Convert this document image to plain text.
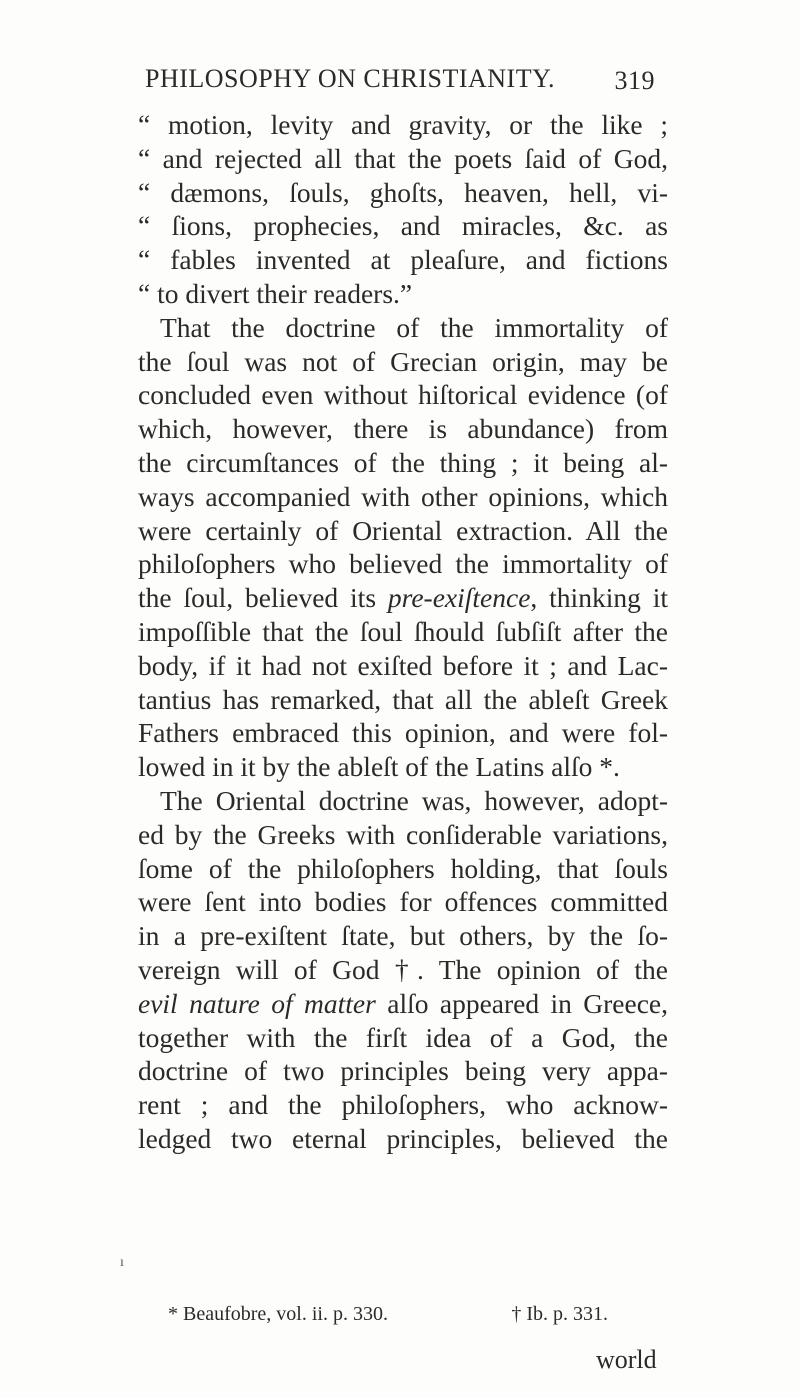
PHILOSOPHY ON CHRISTIANITY. 319
“ motion, levity and gravity, or the like ;
“ and rejected all that the poets ſaid of God,
“ dæmons, ſouls, ghoſts, heaven, hell, vi-
“ ſions, prophecies, and miracles, &c. as
“ fables invented at pleaſure, and fictions
“ to divert their readers.”
That the doctrine of the immortality of
the ſoul was not of Grecian origin, may be
concluded even without hiſtorical evidence (of
which, however, there is abundance) from
the circumſtances of the thing ; it being al-
ways accompanied with other opinions, which
were certainly of Oriental extraction. All the
philoſophers who believed the immortality of
the ſoul, believed its pre-exiſtence, thinking it
impoſſible that the ſoul ſhould ſubſiſt after the
body, if it had not exiſted before it ; and Lac-
tantius has remarked, that all the ableſt Greek
Fathers embraced this opinion, and were fol-
lowed in it by the ableſt of the Latins alſo *.
The Oriental doctrine was, however, adopt-
ed by the Greeks with conſiderable variations,
ſome of the philoſophers holding, that ſouls
were ſent into bodies for offences committed
in a pre-exiſtent ſtate, but others, by the ſo-
vereign will of God †. The opinion of the
evil nature of matter alſo appeared in Greece,
together with the firſt idea of a God, the
doctrine of two principles being very appa-
rent ; and the philoſophers, who acknow-
ledged two eternal principles, believed the
ı
* Beaufobre, vol. ii. p. 330.	† Ib. p. 331.
world
